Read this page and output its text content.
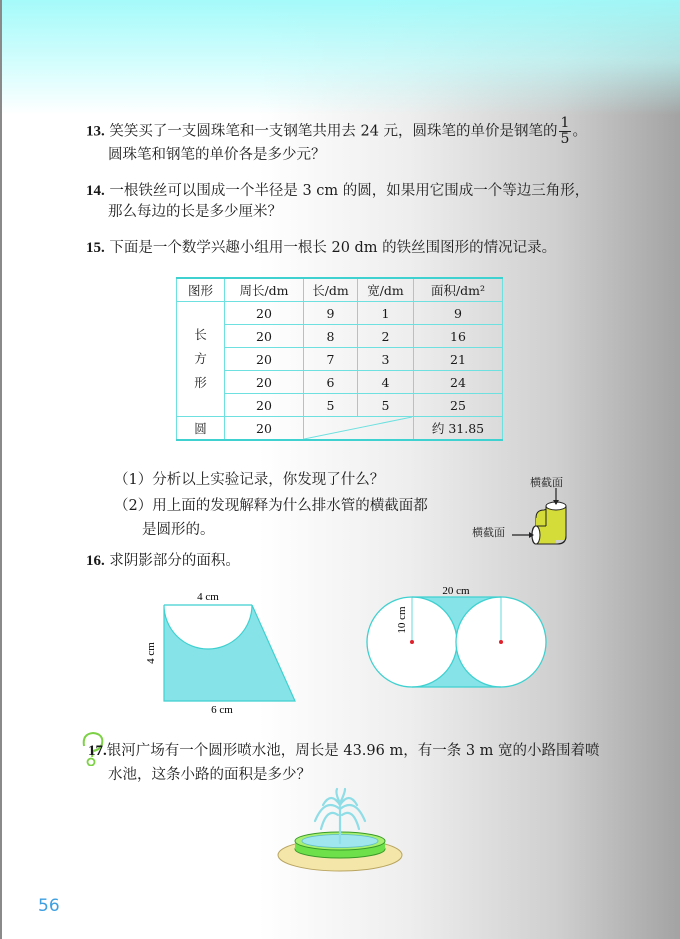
13. 笑笑买了一支圆珠笔和一支钢笔共用去 24 元，圆珠笔的单价是钢笔的 $\frac{1}{5}$ 。
圆珠笔和钢笔的单价各是多少元？
14. 一根铁丝可以围成一个半径是 3 cm 的圆，如果用它围成一个等边三角形，
那么每边的长是多少厘米？
15. 下面是一个数学兴趣小组用一根长 20 dm 的铁丝围图形的情况记录。
图形	周长/dm	长/dm	宽/dm	面积/dm²

长
方
形	20	9	1	9
	20	8	2	16
	20	7	3	21
	20	6	4	24
	20	5	5	25
圆	20			约 31.85
（1）分析以上实验记录，你发现了什么？
（2）用上面的发现解释为什么排水管的横截面都
是圆形的。
横截面
横截面
16. 求阴影部分的面积。
4 cm
4 cm
6 cm
20 cm
10 cm
17.银河广场有一个圆形喷水池，周长是 43.96 m，有一条 3 m 宽的小路围着喷
水池，这条小路的面积是多少？
56
